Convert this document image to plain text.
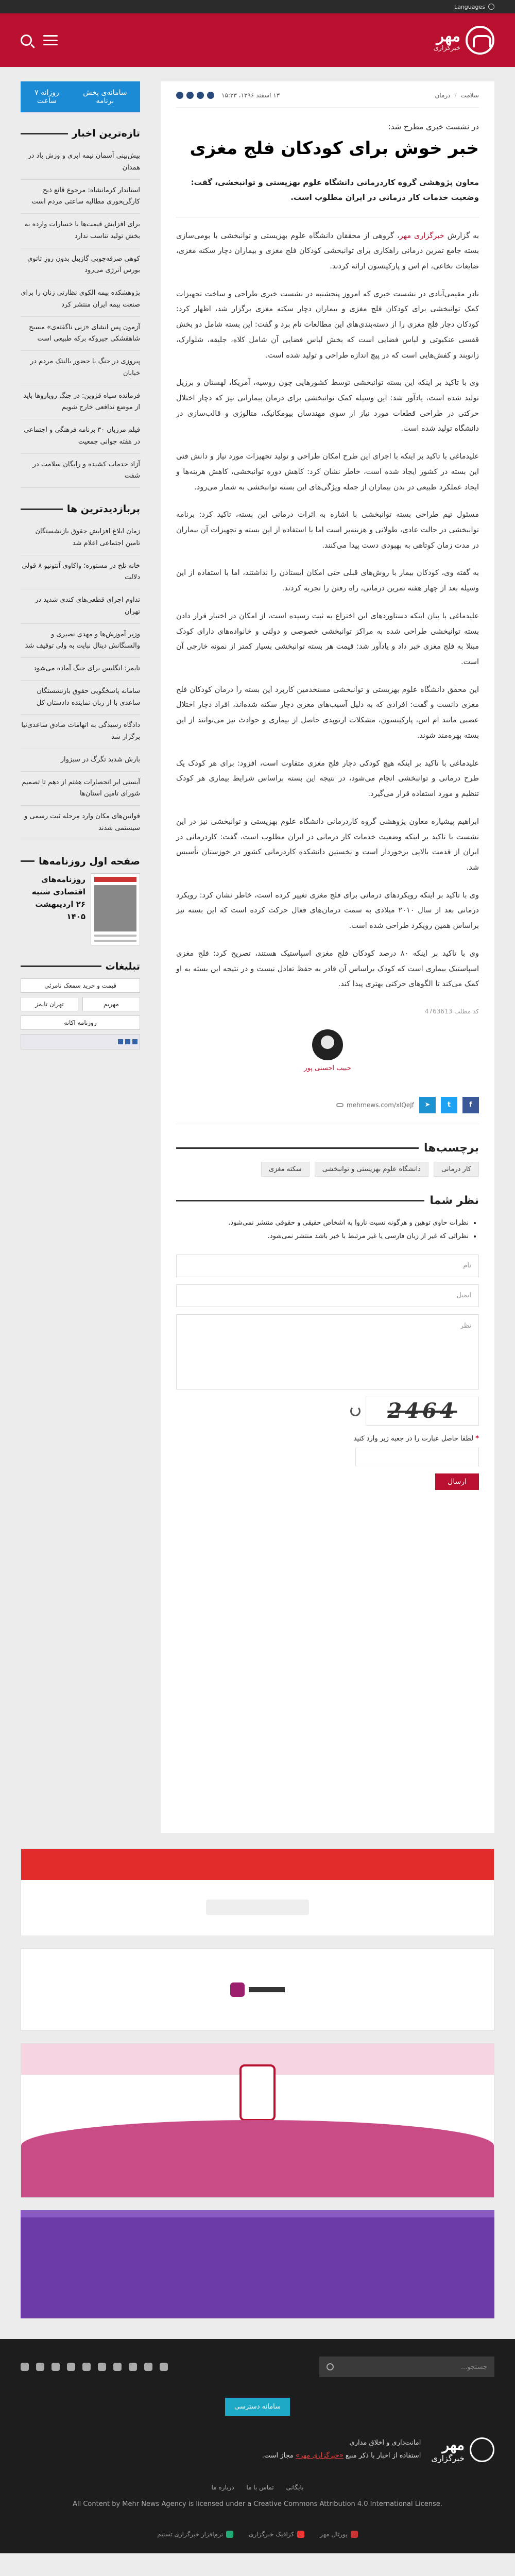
Languages
مهر
خبرگزاری
سلامت
/
درمان
۱۳ اسفند ۱۳۹۶، ۱۵:۳۳
در نشست خبری مطرح شد:
خبر خوش برای کودکان فلج مغزی
معاون پژوهشی گروه کاردرمانی دانشگاه علوم بهزیستی و توانبخشی، گفت: وضعیت خدمات کار درمانی در ایران مطلوب است.

به گزارش خبرگزاری مهر، گروهی از محققان دانشگاه علوم بهزیستی و توانبخشی با بومی‌سازی بسته جامع تمرین درمانی راهکاری برای توانبخشی کودکان فلج مغزی و بیماران دچار سکته مغزی، ضایعات نخاعی، ام اس و پارکینسون ارائه کردند.

نادر مقیمی‌آبادی در نشست خبری که امروز پنجشنبه در نشست خبری طراحی و ساخت تجهیزات کمک توانبخشی برای کودکان فلج مغزی و بیماران دچار سکته مغزی برگزار شد، اظهار کرد: کودکان دچار فلج مغزی را از دسته‌بندی‌های این مطالعات نام برد و گفت: این بسته شامل دو بخش قفسی عنکبوتی و لباس فضایی است که بخش لباس فضایی آن شامل کلاه، جلیقه، شلوارک، زانوبند و کفش‌هایی است که در پیچ اندازه طراحی و تولید شده است.

وی با تاکید بر اینکه این بسته توانبخشی توسط کشورهایی چون روسیه، آمریکا، لهستان و برزیل تولید شده است، یادآور شد: این وسیله کمک توانبخشی برای درمان بیمارانی نیز که دچار اختلال حرکتی در طراحی قطعات مورد نیاز از سوی مهندسان بیومکانیک، متالوژی و قالب‌سازی در دانشگاه تولید شده است.

علیدماغی با تاکید بر اینکه با اجرای این طرح امکان طراحی و تولید تجهیزات مورد نیاز و دانش فنی این بسته در کشور ایجاد شده است، خاطر نشان کرد: کاهش دوره توانبخشی، کاهش هزینه‌ها و ایجاد عملکرد طبیعی در بدن بیماران از جمله ویژگی‌های این بسته توانبخشی به شمار می‌رود.

مسئول تیم طراحی بسته توانبخشی با اشاره به اثرات درمانی این بسته، تاکید کرد: برنامه توانبخشی در حالت عادی، طولانی و هزینه‌بر است اما با استفاده از این بسته و تجهیزات آن بیماران در مدت زمان کوتاهی به بهبودی دست پیدا می‌کنند.

به گفته وی، کودکان بیمار با روش‌های قبلی حتی امکان ایستادن را نداشتند، اما با استفاده از این وسیله بعد از چهار هفته تمرین درمانی، راه رفتن را تجربه کردند.

علیدماغی با بیان اینکه دستاوردهای این اختراع به ثبت رسیده است، از امکان در اختیار قرار دادن بسته توانبخشی طراحی شده به مراکز توانبخشی خصوصی و دولتی و خانواده‌های دارای کودک مبتلا به فلج مغزی خبر داد و یادآور شد: قیمت هر بسته توانبخشی بسیار کمتر از نمونه خارجی آن است.

این محقق دانشگاه علوم بهزیستی و توانبخشی مستخدمین کاربرد این بسته را درمان کودکان فلج مغزی دانست و گفت: افرادی که به دلیل آسیب‌های مغزی دچار سکته شده‌اند، افراد دچار اختلال عصبی مانند ام اس، پارکینسون، مشکلات ارتوپدی حاصل از بیماری و حوادث نیز می‌توانند از این بسته بهره‌مند شوند.

علیدماغی با تاکید بر اینکه هیچ کودکی دچار فلج مغزی متفاوت است، افزود: برای هر کودک یک طرح درمانی و توانبخشی انجام می‌شود، در نتیجه این بسته براساس شرایط بیماری هر کودک تنظیم و مورد استفاده قرار می‌گیرد.

ابراهیم پیشیاره معاون پژوهشی گروه کاردرمانی دانشگاه علوم بهزیستی و توانبخشی نیز در این نشست با تاکید بر اینکه وضعیت خدمات کار درمانی در ایران مطلوب است، گفت: کاردرمانی در ایران از قدمت بالایی برخوردار است و نخستین دانشکده کاردرمانی کشور در خوزستان تأسیس شد.

وی با تاکید بر اینکه رویکردهای درمانی برای فلج مغزی تغییر کرده است، خاطر نشان کرد: رویکرد درمانی بعد از سال ۲۰۱۰ میلادی به سمت درمان‌های فعال حرکت کرده است که این بسته نیز براساس همین رویکرد طراحی شده است.

وی با تاکید بر اینکه ۸۰ درصد کودکان فلج مغزی اسپاستیک هستند، تصریح کرد: فلج مغزی اسپاستیک بیماری است که کودک براساس آن قادر به حفظ تعادل نیست و در نتیجه این بسته به او کمک می‌کند تا الگوهای حرکتی بهتری پیدا کند.

کد مطلب 4763613
حبیب احسنی پور
f
t
➤
mehrnews.com/xlQeJf
برچسب‌ها
کار درمانی
دانشگاه علوم بهزیستی و توانبخشی
سکته مغزی
نظر شما
• نظرات حاوی توهین و هرگونه نسبت ناروا به اشخاص حقیقی و حقوقی منتشر نمی‌شود.
• نظراتی که غیر از زبان فارسی یا غیر مرتبط با خبر باشد منتشر نمی‌شود.
نام
ایمیل
نظر
2464
* لطفا حاصل عبارت را در جعبه زیر وارد کنید
ارسال
سامانه‌ی پخش برنامه
روزانه ۷ ساعت
تازه‌ترین اخبار
پیش‌بینی آسمان نیمه ابری و وزش باد در همدان
استاندار کرمانشاه: مرجوع قانع ذبح کارگریخوری مطالبه ساعتی مردم است
برای افزایش قیمت‌ها با خسارات وارده به بخش تولید تناسب ندارد
کوهی صرفه‌جویی گازبیل بدون روزِ تاتوی بورس آنرژی می‌رود
پژوهشکده بیمه الکوی نظارتی زنان را برای صنعت بیمه ایران منتشر کرد
آزمون پس انشای «زنی ناگفته‌ی» مسیح شاهقشکی جیروکه برکه طبیعی است
پیروزی در جنگ با حضور بالنتک مردم در خیابان
فرمانده سپاه قزوین: در جنگ رویاروها باید از موضع تدافعی خارج شویم
فیلم مرزبان ۳۰ برنامه فرهنگی و اجتماعی در هفته جوانی جمعیت
آزاد حدمات کشیده و رایگان سلامت در شفت
پربازدیدترین ها
زمان ابلاغ افزایش حقوق بازنشستگان تامین اجتماعی اعلام شد
خانه تلخ در مستوره؛ واکاوی آنتونیو ۸ قولی دلالت
تداوم اجرای قطعی‌های کندی شدید در تهران
وزیر آموزش‌ها و مهدی نصیری و والسنگانش دینال نبایت به ولی توقیف شد
تایمز: انگلیس برای جنگ آماده می‌شود
سامانه پاسخگویی حقوق بازنشستگان ساعدی با از زبان نماینده دادستان کل
دادگاه رسیدگی به اتهامات صادق ساعدی‌نیا برگزار شد
بارش شدید تگرگ در سبزوار
آبستی ابر انحصارات هفتم از دهم تا تصمیم شورای تامین استان‌ها
قوانین‌های مکان وارد مرحله ثبت رسمی و سیستمی شدند
صفحه اول روزنامه‌ها
روزنامه‌های اقتصادی شنبه ۲۶ اردیبهشت ۱۴۰۵
تبلیغات
قیمت و خرید سمعک نامرئی
مهریم
تهران تایمز
روزنامه اکانه
جستجو...
سامانه دسترسی
مهر
خبرگزاری
امانت‌داری و اخلاق مداری
استفاده از اخبار با ذکر منبع «خبرگزاری مهر» مجاز است.
بایگانی تماس با ما درباره ما
All Content by Mehr News Agency is licensed under a Creative Commons Attribution 4.0 International License.
پورتال مهر
کرافیک خبرگزاری
نرم‌افزار خبرگزاری تسنیم
